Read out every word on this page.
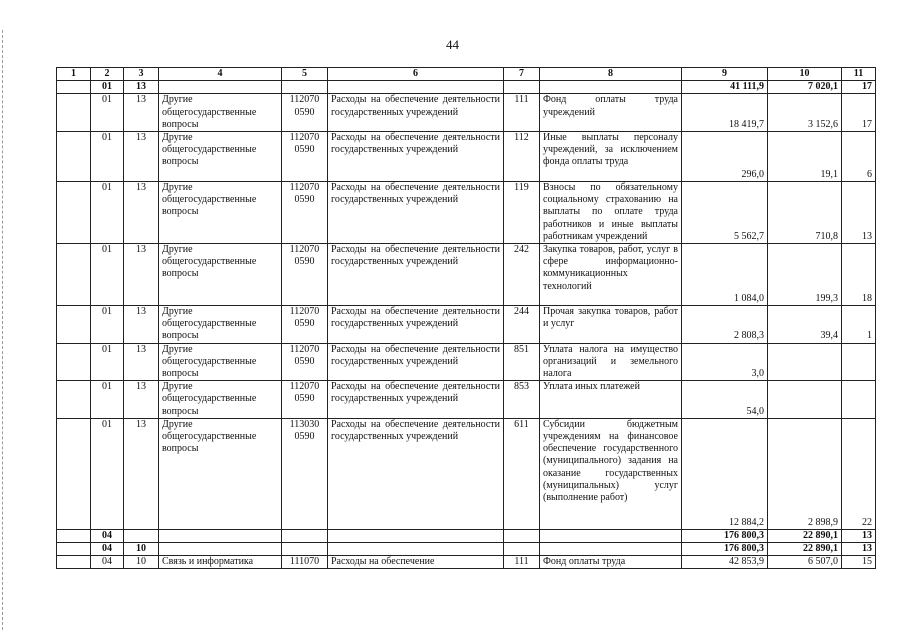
44
1	2	3	4	5	6	7	8	9	10	11
	01	13						41 111,9	7 020,1	17
	01	13	Другие общегосударственные вопросы	112070 0590	Расходы на обеспечение деятельности государственных учреждений	111	Фонд оплаты труда учреждений	18 419,7	3 152,6	17
	01	13	Другие общегосударственные вопросы	112070 0590	Расходы на обеспечение деятельности государственных учреждений	112	Иные выплаты персоналу учреждений, за исключением фонда оплаты труда	296,0	19,1	6
	01	13	Другие общегосударственные вопросы	112070 0590	Расходы на обеспечение деятельности государственных учреждений	119	Взносы по обязательному социальному страхованию на выплаты по оплате труда работников и иные выплаты работникам учреждений	5 562,7	710,8	13
	01	13	Другие общегосударственные вопросы	112070 0590	Расходы на обеспечение деятельности государственных учреждений	242	Закупка товаров, работ, услуг в сфере информационно-коммуникационных технологий	1 084,0	199,3	18
	01	13	Другие общегосударственные вопросы	112070 0590	Расходы на обеспечение деятельности государственных учреждений	244	Прочая закупка товаров, работ и услуг	2 808,3	39,4	1
	01	13	Другие общегосударственные вопросы	112070 0590	Расходы на обеспечение деятельности государственных учреждений	851	Уплата налога на имущество организаций и земельного налога	3,0		
	01	13	Другие общегосударственные вопросы	112070 0590	Расходы на обеспечение деятельности государственных учреждений	853	Уплата иных платежей	54,0		
	01	13	Другие общегосударственные вопросы	113030 0590	Расходы на обеспечение деятельности государственных учреждений	611	Субсидии бюджетным учреждениям на финансовое обеспечение государственного (муниципального) задания на оказание государственных (муниципальных) услуг (выполнение работ)	12 884,2	2 898,9	22
	04							176 800,3	22 890,1	13
	04	10						176 800,3	22 890,1	13
	04	10	Связь и информатика	111070	Расходы на обеспечение	111	Фонд оплаты труда	42 853,9	6 507,0	15
